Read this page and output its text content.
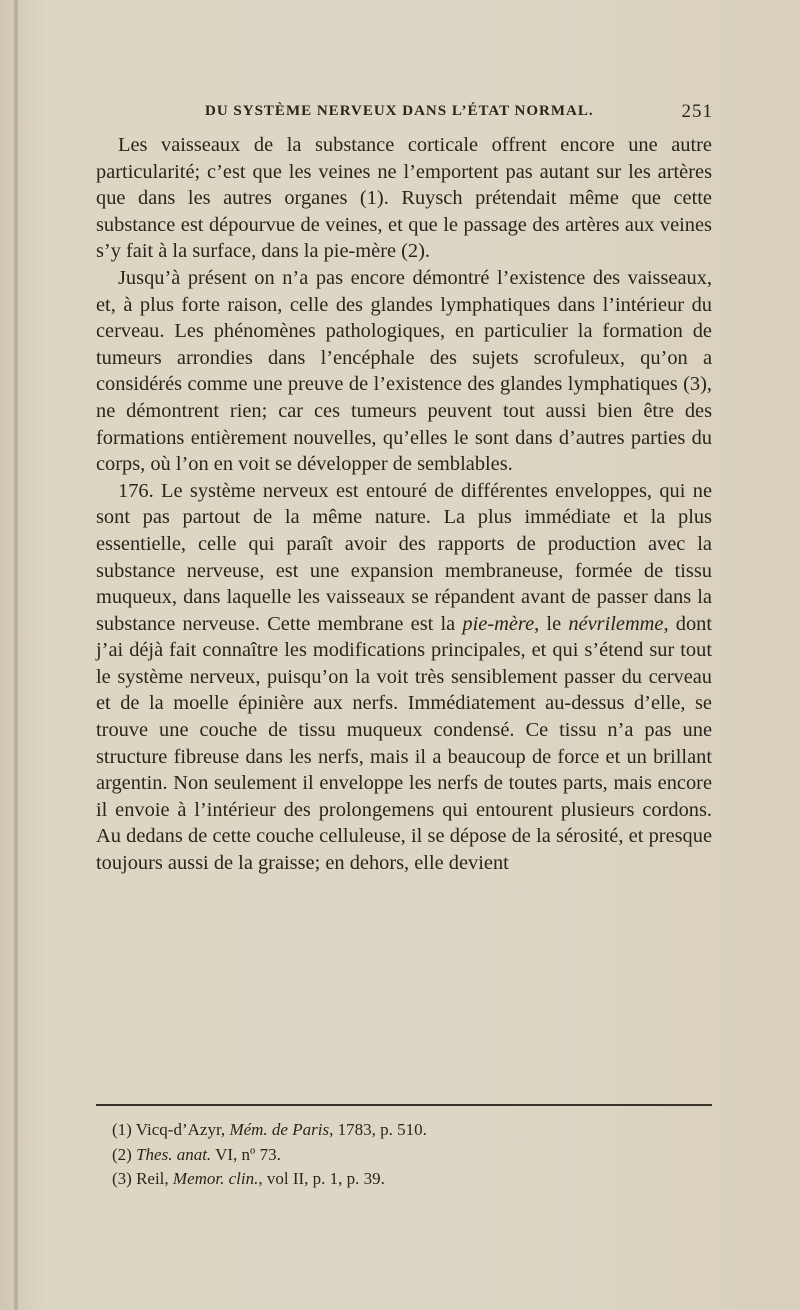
DU SYSTÈME NERVEUX DANS L’ÉTAT NORMAL.	251

Les vaisseaux de la substance corticale offrent encore une autre particularité; c’est que les veines ne l’emportent pas autant sur les artères que dans les autres organes (1). Ruysch prétendait même que cette substance est dépourvue de veines, et que le passage des artères aux veines s’y fait à la surface, dans la pie-mère (2).

Jusqu’à présent on n’a pas encore démontré l’existence des vaisseaux, et, à plus forte raison, celle des glandes lymphatiques dans l’intérieur du cerveau. Les phénomènes pathologiques, en particulier la formation de tumeurs arrondies dans l’encéphale des sujets scrofuleux, qu’on a considérés comme une preuve de l’existence des glandes lymphatiques (3), ne démontrent rien; car ces tumeurs peuvent tout aussi bien être des formations entièrement nouvelles, qu’elles le sont dans d’autres parties du corps, où l’on en voit se développer de semblables.

176. Le système nerveux est entouré de différentes enveloppes, qui ne sont pas partout de la même nature. La plus immédiate et la plus essentielle, celle qui paraît avoir des rapports de production avec la substance nerveuse, est une expansion membraneuse, formée de tissu muqueux, dans laquelle les vaisseaux se répandent avant de passer dans la substance nerveuse. Cette membrane est la pie-mère, le névrilemme, dont j’ai déjà fait connaître les modifications principales, et qui s’étend sur tout le système nerveux, puisqu’on la voit très sensiblement passer du cerveau et de la moelle épinière aux nerfs. Immédiatement au-dessus d’elle, se trouve une couche de tissu muqueux condensé. Ce tissu n’a pas une structure fibreuse dans les nerfs, mais il a beaucoup de force et un brillant argentin. Non seulement il enveloppe les nerfs de toutes parts, mais encore il envoie à l’intérieur des prolongemens qui entourent plusieurs cordons. Au dedans de cette couche celluleuse, il se dépose de la sérosité, et presque toujours aussi de la graisse; en dehors, elle devient

(1) Vicq-d’Azyr, Mém. de Paris, 1783, p. 510.
(2) Thes. anat. VI, nº 73.
(3) Reil, Memor. clin., vol II, p. 1, p. 39.
